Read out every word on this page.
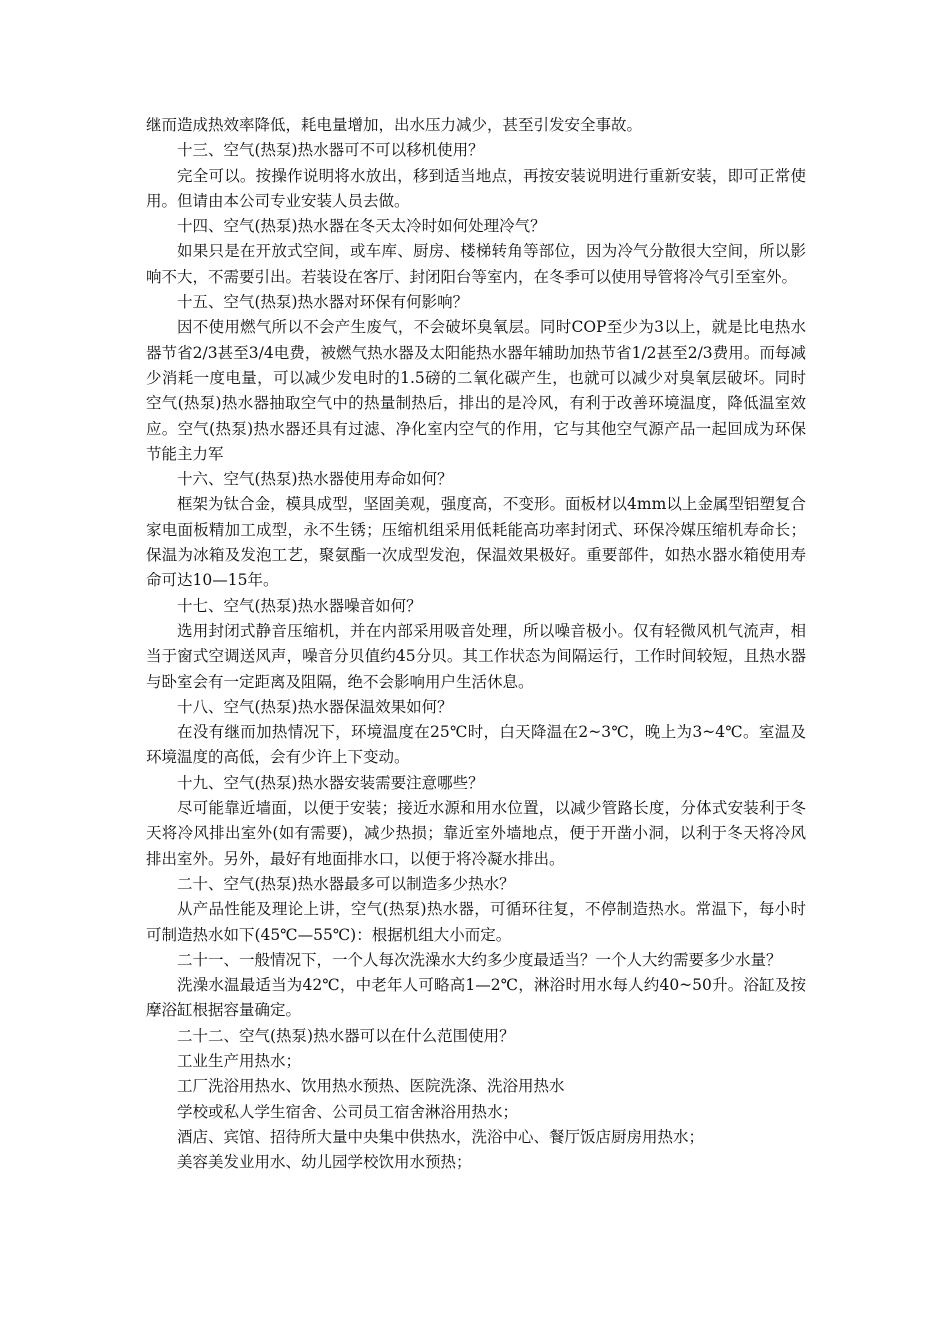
继而造成热效率降低，耗电量增加，出水压力减少，甚至引发安全事故。

十三、空气(热泵)热水器可不可以移机使用？

完全可以。按操作说明将水放出，移到适当地点，再按安装说明进行重新安装，即可正常使用。但请由本公司专业安装人员去做。

十四、空气(热泵)热水器在冬天太冷时如何处理冷气？

如果只是在开放式空间，或车库、厨房、楼梯转角等部位，因为冷气分散很大空间，所以影响不大，不需要引出。若装设在客厅、封闭阳台等室内，在冬季可以使用导管将冷气引至室外。

十五、空气(热泵)热水器对环保有何影响？

因不使用燃气所以不会产生废气，不会破坏臭氧层。同时COP至少为3以上，就是比电热水器节省2/3甚至3/4电费，被燃气热水器及太阳能热水器年辅助加热节省1/2甚至2/3费用。而每减少消耗一度电量，可以减少发电时的1.5磅的二氧化碳产生，也就可以减少对臭氧层破坏。同时空气(热泵)热水器抽取空气中的热量制热后，排出的是冷风，有利于改善环境温度，降低温室效应。空气(热泵)热水器还具有过滤、净化室内空气的作用，它与其他空气源产品一起回成为环保节能主力军

十六、空气(热泵)热水器使用寿命如何？

框架为钛合金，模具成型，坚固美观，强度高，不变形。面板材以4mm以上金属型铝塑复合家电面板精加工成型，永不生锈；压缩机组采用低耗能高功率封闭式、环保冷媒压缩机寿命长；保温为冰箱及发泡工艺，聚氨酯一次成型发泡，保温效果极好。重要部件，如热水器水箱使用寿命可达10—15年。

十七、空气(热泵)热水器噪音如何？

选用封闭式静音压缩机，并在内部采用吸音处理，所以噪音极小。仅有轻微风机气流声，相当于窗式空调送风声，噪音分贝值约45分贝。其工作状态为间隔运行，工作时间较短，且热水器与卧室会有一定距离及阻隔，绝不会影响用户生活休息。

十八、空气(热泵)热水器保温效果如何？

在没有继而加热情况下，环境温度在25℃时，白天降温在2~3℃，晚上为3~4℃。室温及环境温度的高低，会有少许上下变动。

十九、空气(热泵)热水器安装需要注意哪些？

尽可能靠近墙面，以便于安装；接近水源和用水位置，以减少管路长度，分体式安装利于冬天将冷风排出室外(如有需要)，减少热损；靠近室外墙地点，便于开凿小洞，以利于冬天将冷风排出室外。另外，最好有地面排水口，以便于将冷凝水排出。

二十、空气(热泵)热水器最多可以制造多少热水？

从产品性能及理论上讲，空气(热泵)热水器，可循环往复，不停制造热水。常温下，每小时可制造热水如下(45℃—55℃)：根据机组大小而定。

二十一、一般情况下，一个人每次洗澡水大约多少度最适当？一个人大约需要多少水量？

洗澡水温最适当为42℃，中老年人可略高1—2℃，淋浴时用水每人约40~50升。浴缸及按摩浴缸根据容量确定。

二十二、空气(热泵)热水器可以在什么范围使用？

工业生产用热水；

工厂洗浴用热水、饮用热水预热、医院洗涤、洗浴用热水

学校或私人学生宿舍、公司员工宿舍淋浴用热水；

酒店、宾馆、招待所大量中央集中供热水，洗浴中心、餐厅饭店厨房用热水；

美容美发业用水、幼儿园学校饮用水预热；
